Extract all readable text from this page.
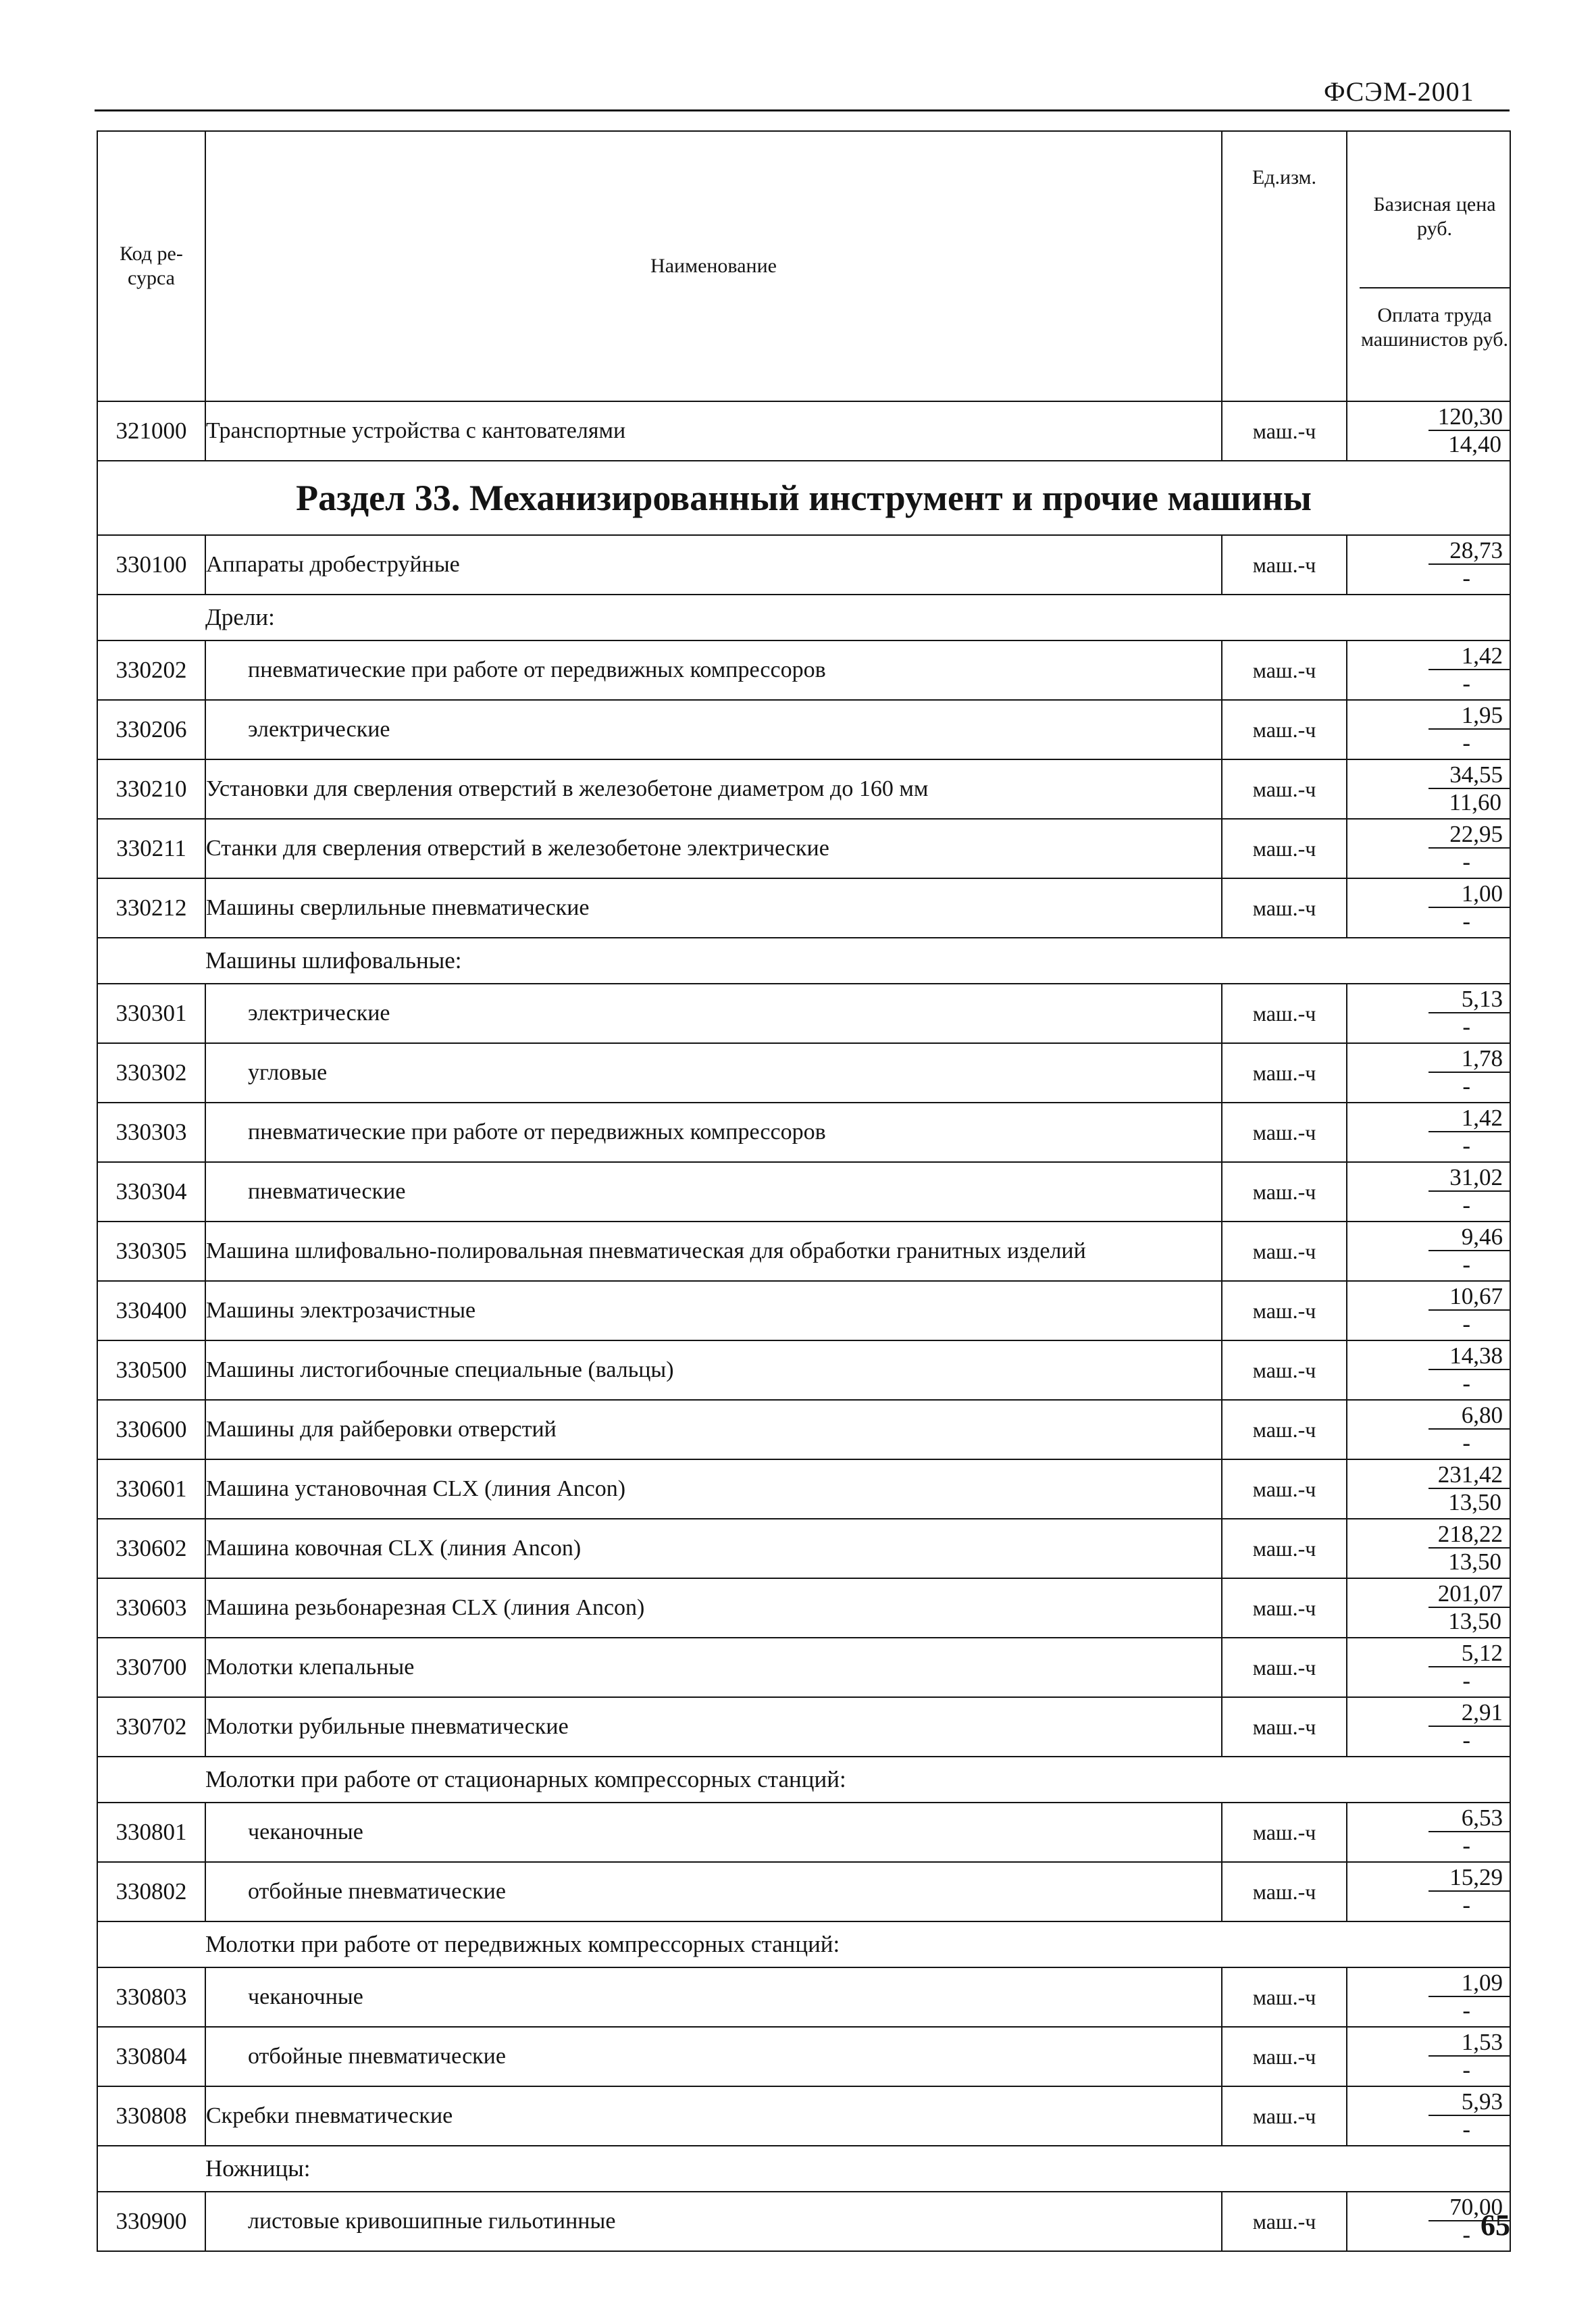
ФСЭМ-2001
Код ре-сурса	Наименование	Ед.изм.	Базисная цена руб.
Оплата труда машинистов руб.

321000	Транспортные устройства с кантователями	маш.-ч	120,30
14,40

Раздел 33. Механизированный инструмент и прочие машины			
330100	Аппараты дробеструйные	маш.-ч	28,73
-

	Дрели:		
330202	пневматические при работе от передвижных компрессоров	маш.-ч	1,42
-

330206	электрические	маш.-ч	1,95
-

330210	Установки для сверления отверстий в железобетоне диаметром до 160 мм	маш.-ч	34,55
11,60

330211	Станки для сверления отверстий в железобетоне электрические	маш.-ч	22,95
-

330212	Машины сверлильные пневматические	маш.-ч	1,00
-

	Машины шлифовальные:		
330301	электрические	маш.-ч	5,13
-

330302	угловые	маш.-ч	1,78
-

330303	пневматические при работе от передвижных компрессоров	маш.-ч	1,42
-

330304	пневматические	маш.-ч	31,02
-

330305	Машина шлифовально-полировальная пневматическая для обработки гранитных изделий	маш.-ч	9,46
-

330400	Машины электрозачистные	маш.-ч	10,67
-

330500	Машины листогибочные специальные (вальцы)	маш.-ч	14,38
-

330600	Машины для райберовки отверстий	маш.-ч	6,80
-

330601	Машина установочная CLX (линия Ancon)	маш.-ч	231,42
13,50

330602	Машина ковочная CLX (линия Ancon)	маш.-ч	218,22
13,50

330603	Машина резьбонарезная CLX (линия Ancon)	маш.-ч	201,07
13,50

330700	Молотки клепальные	маш.-ч	5,12
-

330702	Молотки рубильные пневматические	маш.-ч	2,91
-

	Молотки при работе от стационарных компрессорных станций:		
330801	чеканочные	маш.-ч	6,53
-

330802	отбойные пневматические	маш.-ч	15,29
-

	Молотки при работе от передвижных компрессорных станций:		
330803	чеканочные	маш.-ч	1,09
-

330804	отбойные пневматические	маш.-ч	1,53
-

330808	Скребки пневматические	маш.-ч	5,93
-

	Ножницы:		
330900	листовые кривошипные гильотинные	маш.-ч	70,00
- 65
